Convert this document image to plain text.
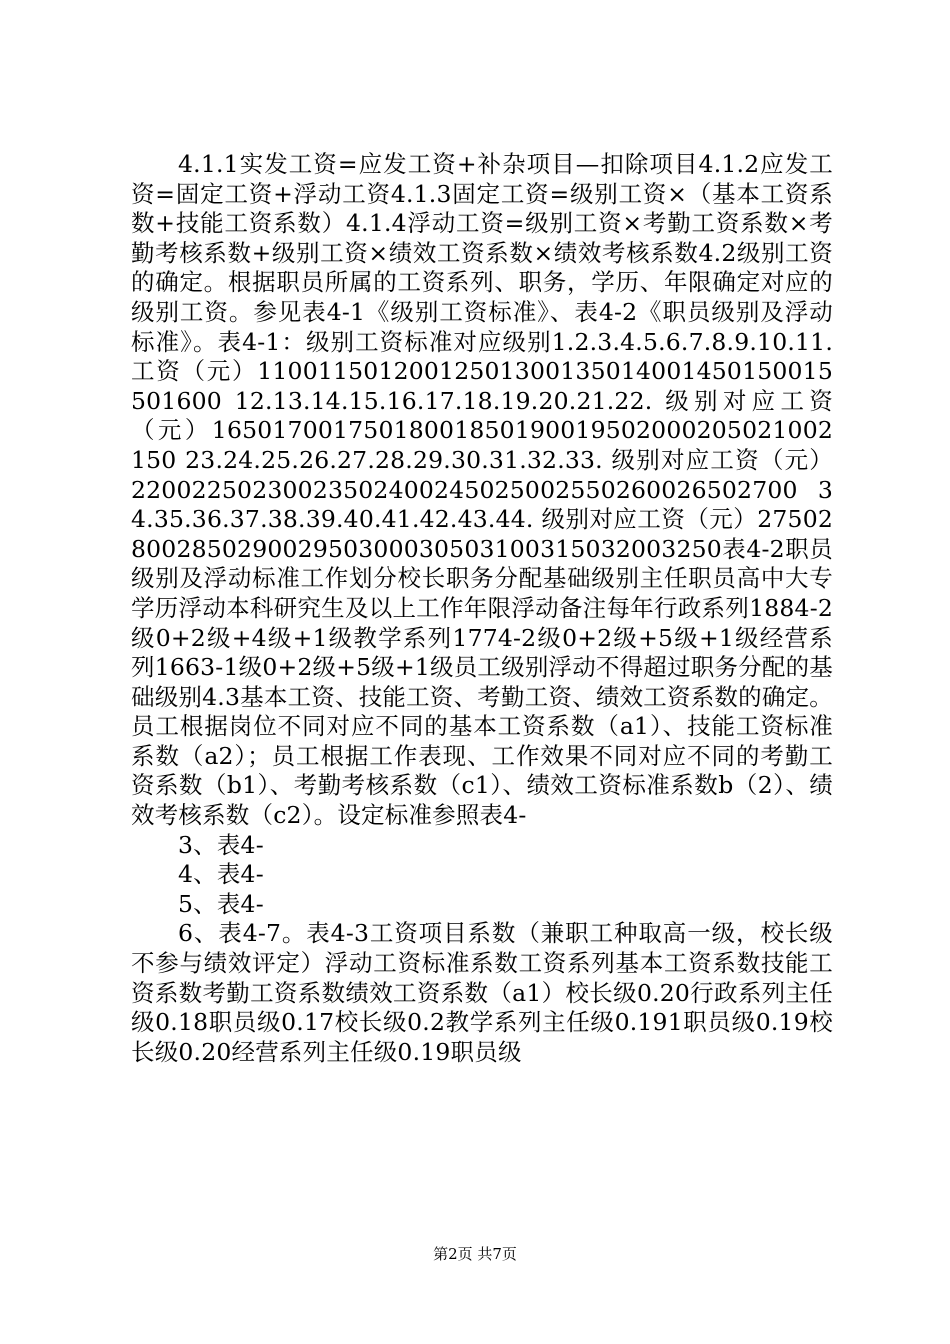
4.1.1实发工资=应发工资+补杂项目—扣除项目4.1.2应发工资=固定工资+浮动工资4.1.3固定工资=级别工资×（基本工资系数+技能工资系数）4.1.4浮动工资=级别工资×考勤工资系数×考勤考核系数+级别工资×绩效工资系数×绩效考核系数4.2级别工资的确定。根据职员所属的工资系列、职务，学历、年限确定对应的级别工资。参见表4-1《级别工资标准》、表4-2《职员级别及浮动标准》。表4-1：级别工资标准对应级别1.2.3.4.5.6.7.8.9.10.11. 工资（元）11001150120012501300135014001450150015501600 12.13.14.15.16.17.18.19.20.21.22. 级别对应工资（元）16501700175018001850190019502000205021002150 23.24.25.26.27.28.29.30.31.32.33. 级别对应工资（元）22002250230023502400245025002550260026502700 34.35.36.37.38.39.40.41.42.43.44. 级别对应工资（元）27502800285029002950300030503100315032003250表4-2职员级别及浮动标准工作划分校长职务分配基础级别主任职员高中大专学历浮动本科研究生及以上工作年限浮动备注每年行政系列1884-2级0+2级+4级+1级教学系列1774-2级0+2级+5级+1级经营系列1663-1级0+2级+5级+1级员工级别浮动不得超过职务分配的基础级别4.3基本工资、技能工资、考勤工资、绩效工资系数的确定。员工根据岗位不同对应不同的基本工资系数（a1）、技能工资标准系数（a2）；员工根据工作表现、工作效果不同对应不同的考勤工资系数（b1）、考勤考核系数（c1）、绩效工资标准系数b（2）、绩效考核系数（c2）。设定标准参照表4-

3、表4-

4、表4-

5、表4-

6、表4-7。表4-3工资项目系数（兼职工种取高一级，校长级不参与绩效评定）浮动工资标准系数工资系列基本工资系数技能工资系数考勤工资系数绩效工资系数（a1）校长级0.20行政系列主任级0.18职员级0.17校长级0.2教学系列主任级0.191职员级0.19校长级0.20经营系列主任级0.19职员级

第2页 共7页
